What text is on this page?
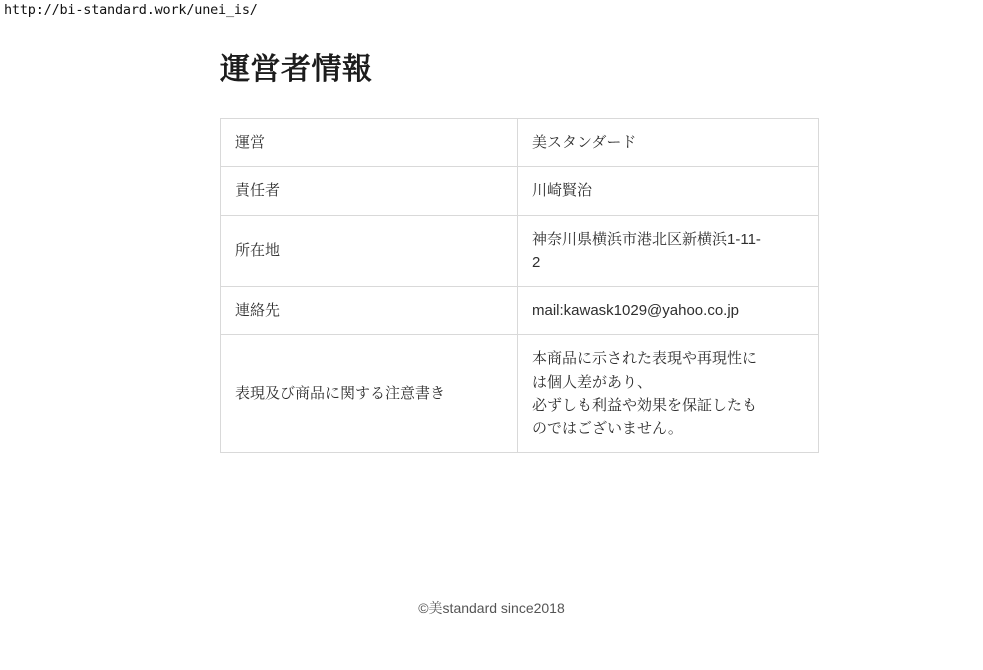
http://bi-standard.work/unei_is/
運営者情報
運営	美スタンダード

責任者	川崎賢治

所在地	神奈川県横浜市港北区新横浜1-11-
2

連絡先	mail:kawask1029@yahoo.co.jp

表現及び商品に関する注意書き	本商品に示された表現や再現性に
は個人差があり、
必ずしも利益や効果を保証したも
のではございません。
©美standard since2018
